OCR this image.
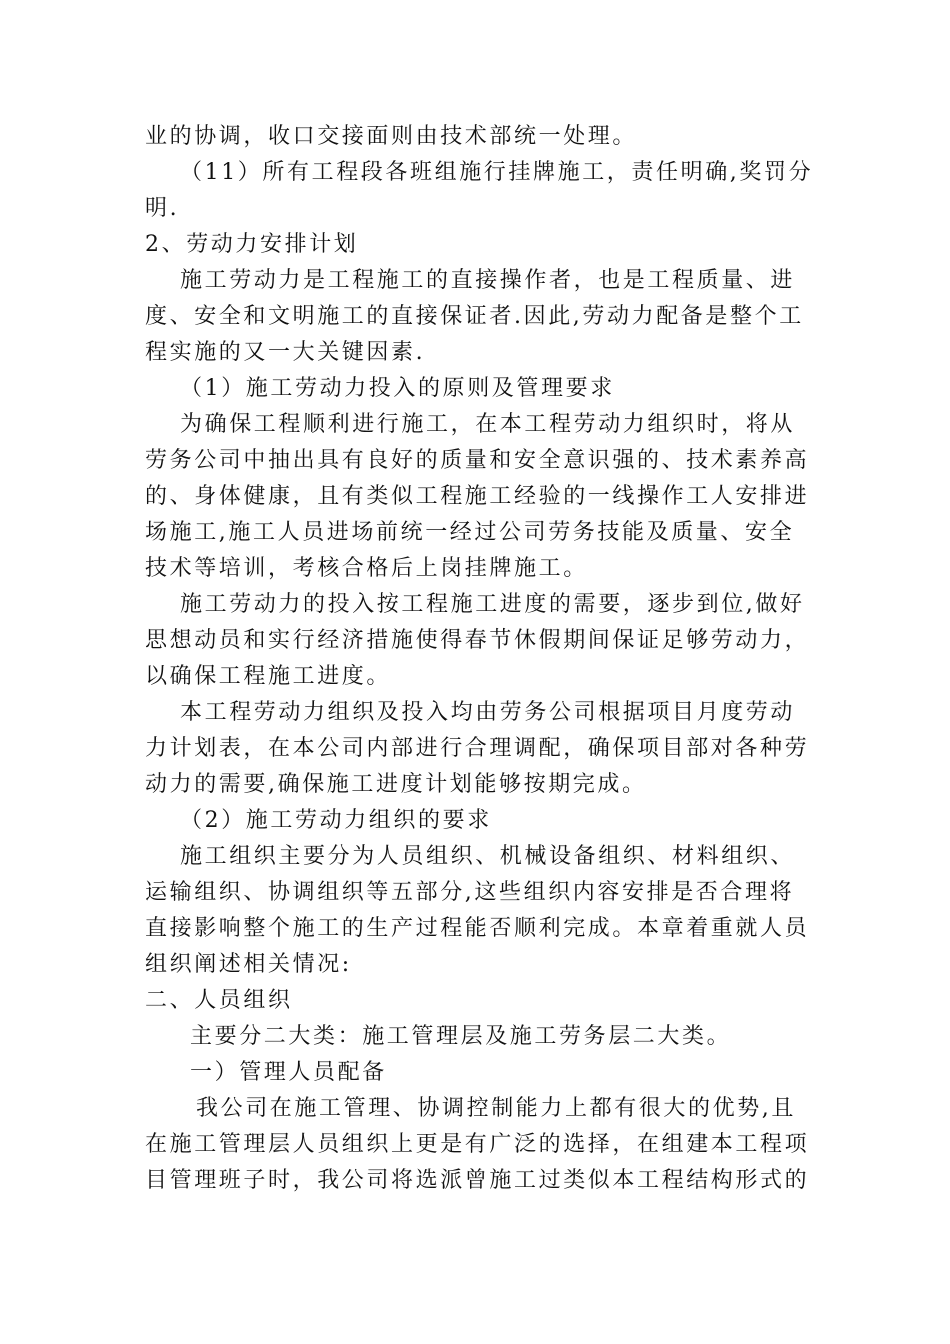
业的协调，收口交接面则由技术部统一处理。
（11）所有工程段各班组施行挂牌施工，责任明确,奖罚分
明.
2、劳动力安排计划
施工劳动力是工程施工的直接操作者，也是工程质量、进
度、安全和文明施工的直接保证者.因此,劳动力配备是整个工
程实施的又一大关键因素.
（1）施工劳动力投入的原则及管理要求
为确保工程顺利进行施工，在本工程劳动力组织时，将从
劳务公司中抽出具有良好的质量和安全意识强的、技术素养高
的、身体健康，且有类似工程施工经验的一线操作工人安排进
场施工,施工人员进场前统一经过公司劳务技能及质量、安全
技术等培训，考核合格后上岗挂牌施工。
施工劳动力的投入按工程施工进度的需要，逐步到位,做好
思想动员和实行经济措施使得春节休假期间保证足够劳动力，
以确保工程施工进度。
本工程劳动力组织及投入均由劳务公司根据项目月度劳动
力计划表，在本公司内部进行合理调配，确保项目部对各种劳
动力的需要,确保施工进度计划能够按期完成。
（2）施工劳动力组织的要求
施工组织主要分为人员组织、机械设备组织、材料组织、
运输组织、协调组织等五部分,这些组织内容安排是否合理将
直接影响整个施工的生产过程能否顺利完成。本章着重就人员
组织阐述相关情况:
二、人员组织
主要分二大类：施工管理层及施工劳务层二大类。
一）管理人员配备
我公司在施工管理、协调控制能力上都有很大的优势,且
在施工管理层人员组织上更是有广泛的选择，在组建本工程项
目管理班子时，我公司将选派曾施工过类似本工程结构形式的
